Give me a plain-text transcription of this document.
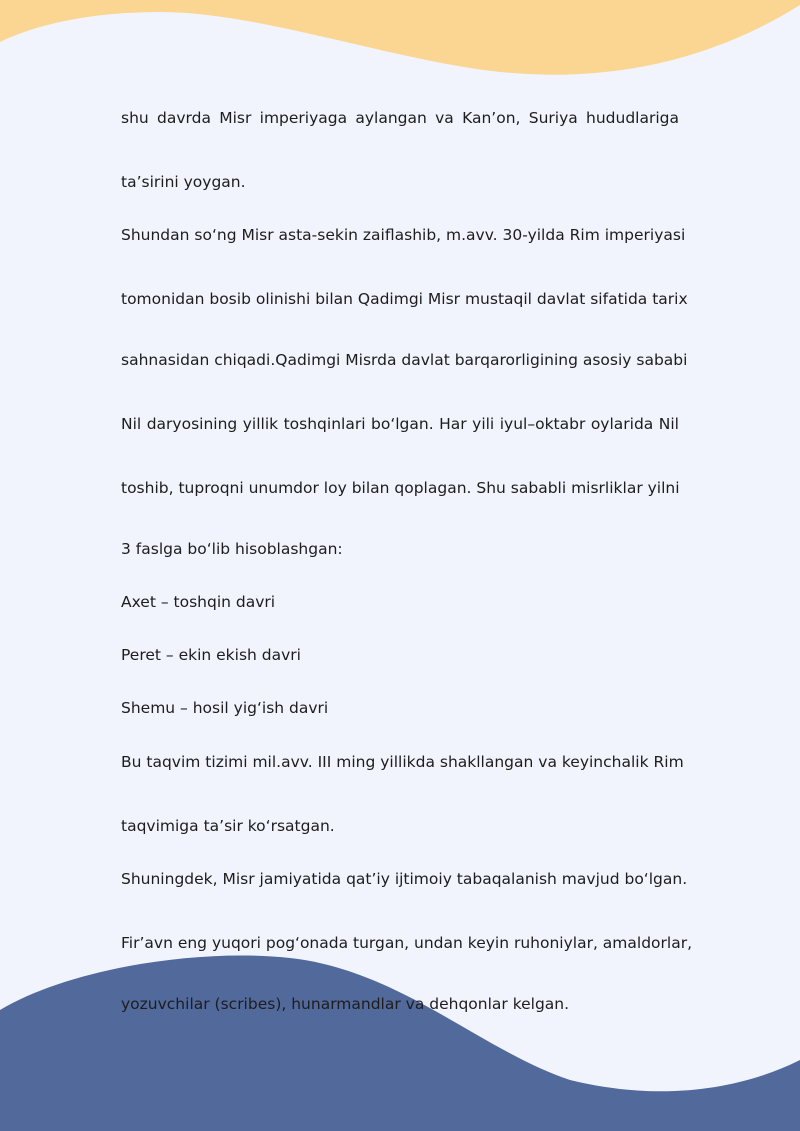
shu davrda Misr imperiyaga aylangan va Kan’on, Suriya hududlariga
ta’sirini yoygan.
Shundan so‘ng Misr asta-sekin zaiflashib, m.avv. 30-yilda Rim imperiyasi
tomonidan bosib olinishi bilan Qadimgi Misr mustaqil davlat sifatida tarix
sahnasidan chiqadi.Qadimgi Misrda davlat barqarorligining asosiy sababi
Nil daryosining yillik toshqinlari bo‘lgan. Har yili iyul–oktabr oylarida Nil
toshib, tuproqni unumdor loy bilan qoplagan. Shu sababli misrliklar yilni
3 faslga bo‘lib hisoblashgan:
Axet – toshqin davri
Peret – ekin ekish davri
Shemu – hosil yig‘ish davri
Bu taqvim tizimi mil.avv. III ming yillikda shakllangan va keyinchalik Rim
taqvimiga ta’sir ko‘rsatgan.
Shuningdek, Misr jamiyatida qat’iy ijtimoiy tabaqalanish mavjud bo‘lgan.
Fir’avn eng yuqori pog‘onada turgan, undan keyin ruhoniylar, amaldorlar,
yozuvchilar (scribes), hunarmandlar va dehqonlar kelgan.
